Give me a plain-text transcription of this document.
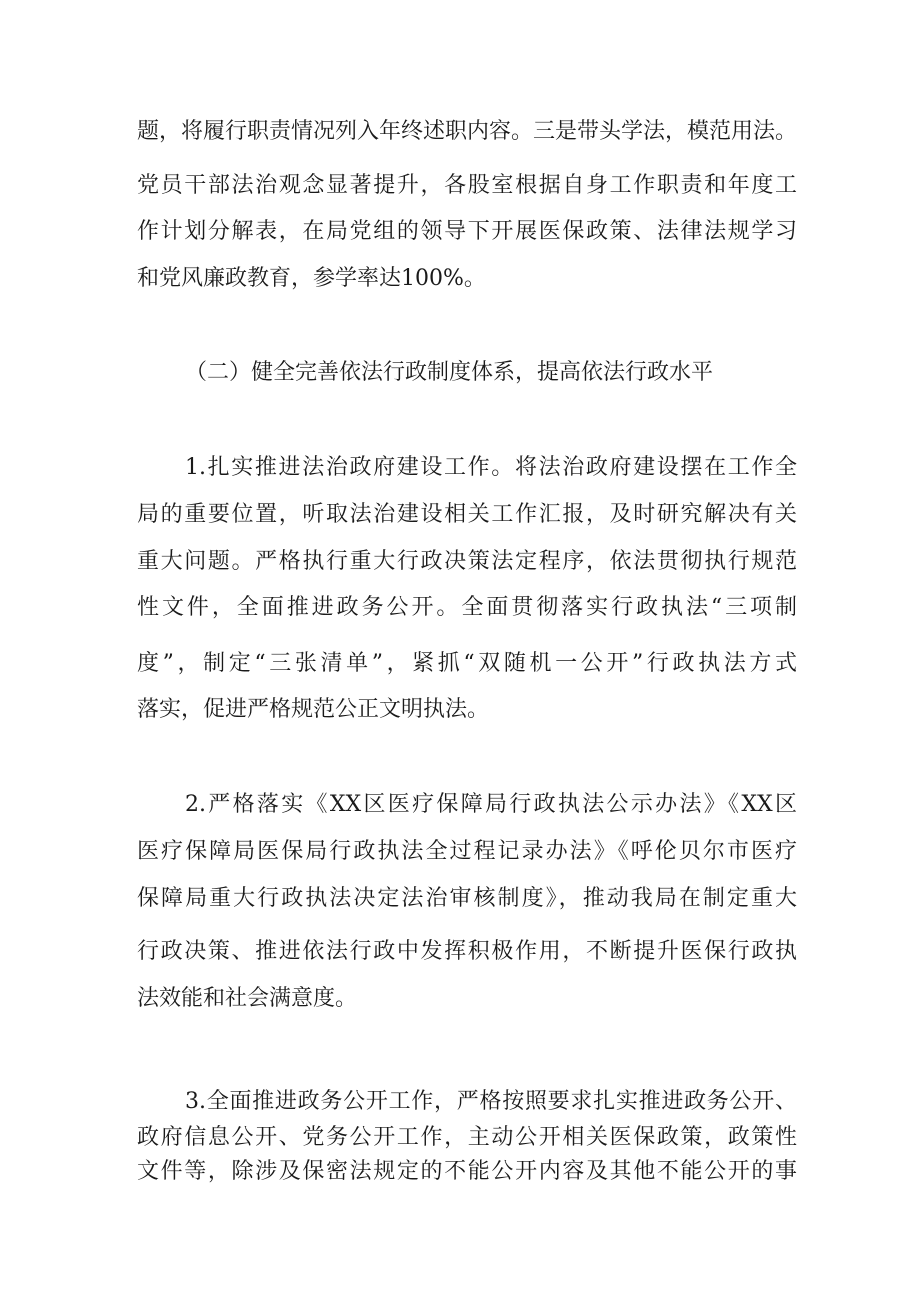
题，将履行职责情况列入年终述职内容。三是带头学法，模范用法。
党员干部法治观念显著提升，各股室根据自身工作职责和年度工
作计划分解表，在局党组的领导下开展医保政策、法律法规学习
和党风廉政教育，参学率达100%。
（二）健全完善依法行政制度体系，提高依法行政水平
1.扎实推进法治政府建设工作。将法治政府建设摆在工作全
局的重要位置，听取法治建设相关工作汇报，及时研究解决有关
重大问题。严格执行重大行政决策法定程序，依法贯彻执行规范
性文件，全面推进政务公开。全面贯彻落实行政执法“三项制
度”，制定“三张清单”，紧抓“双随机一公开”行政执法方式
落实，促进严格规范公正文明执法。
2.严格落实《XX区医疗保障局行政执法公示办法》《XX区
医疗保障局医保局行政执法全过程记录办法》《呼伦贝尔市医疗
保障局重大行政执法决定法治审核制度》，推动我局在制定重大
行政决策、推进依法行政中发挥积极作用，不断提升医保行政执
法效能和社会满意度。
3.全面推进政务公开工作，严格按照要求扎实推进政务公开、
政府信息公开、党务公开工作，主动公开相关医保政策，政策性
文件等，除涉及保密法规定的不能公开内容及其他不能公开的事
